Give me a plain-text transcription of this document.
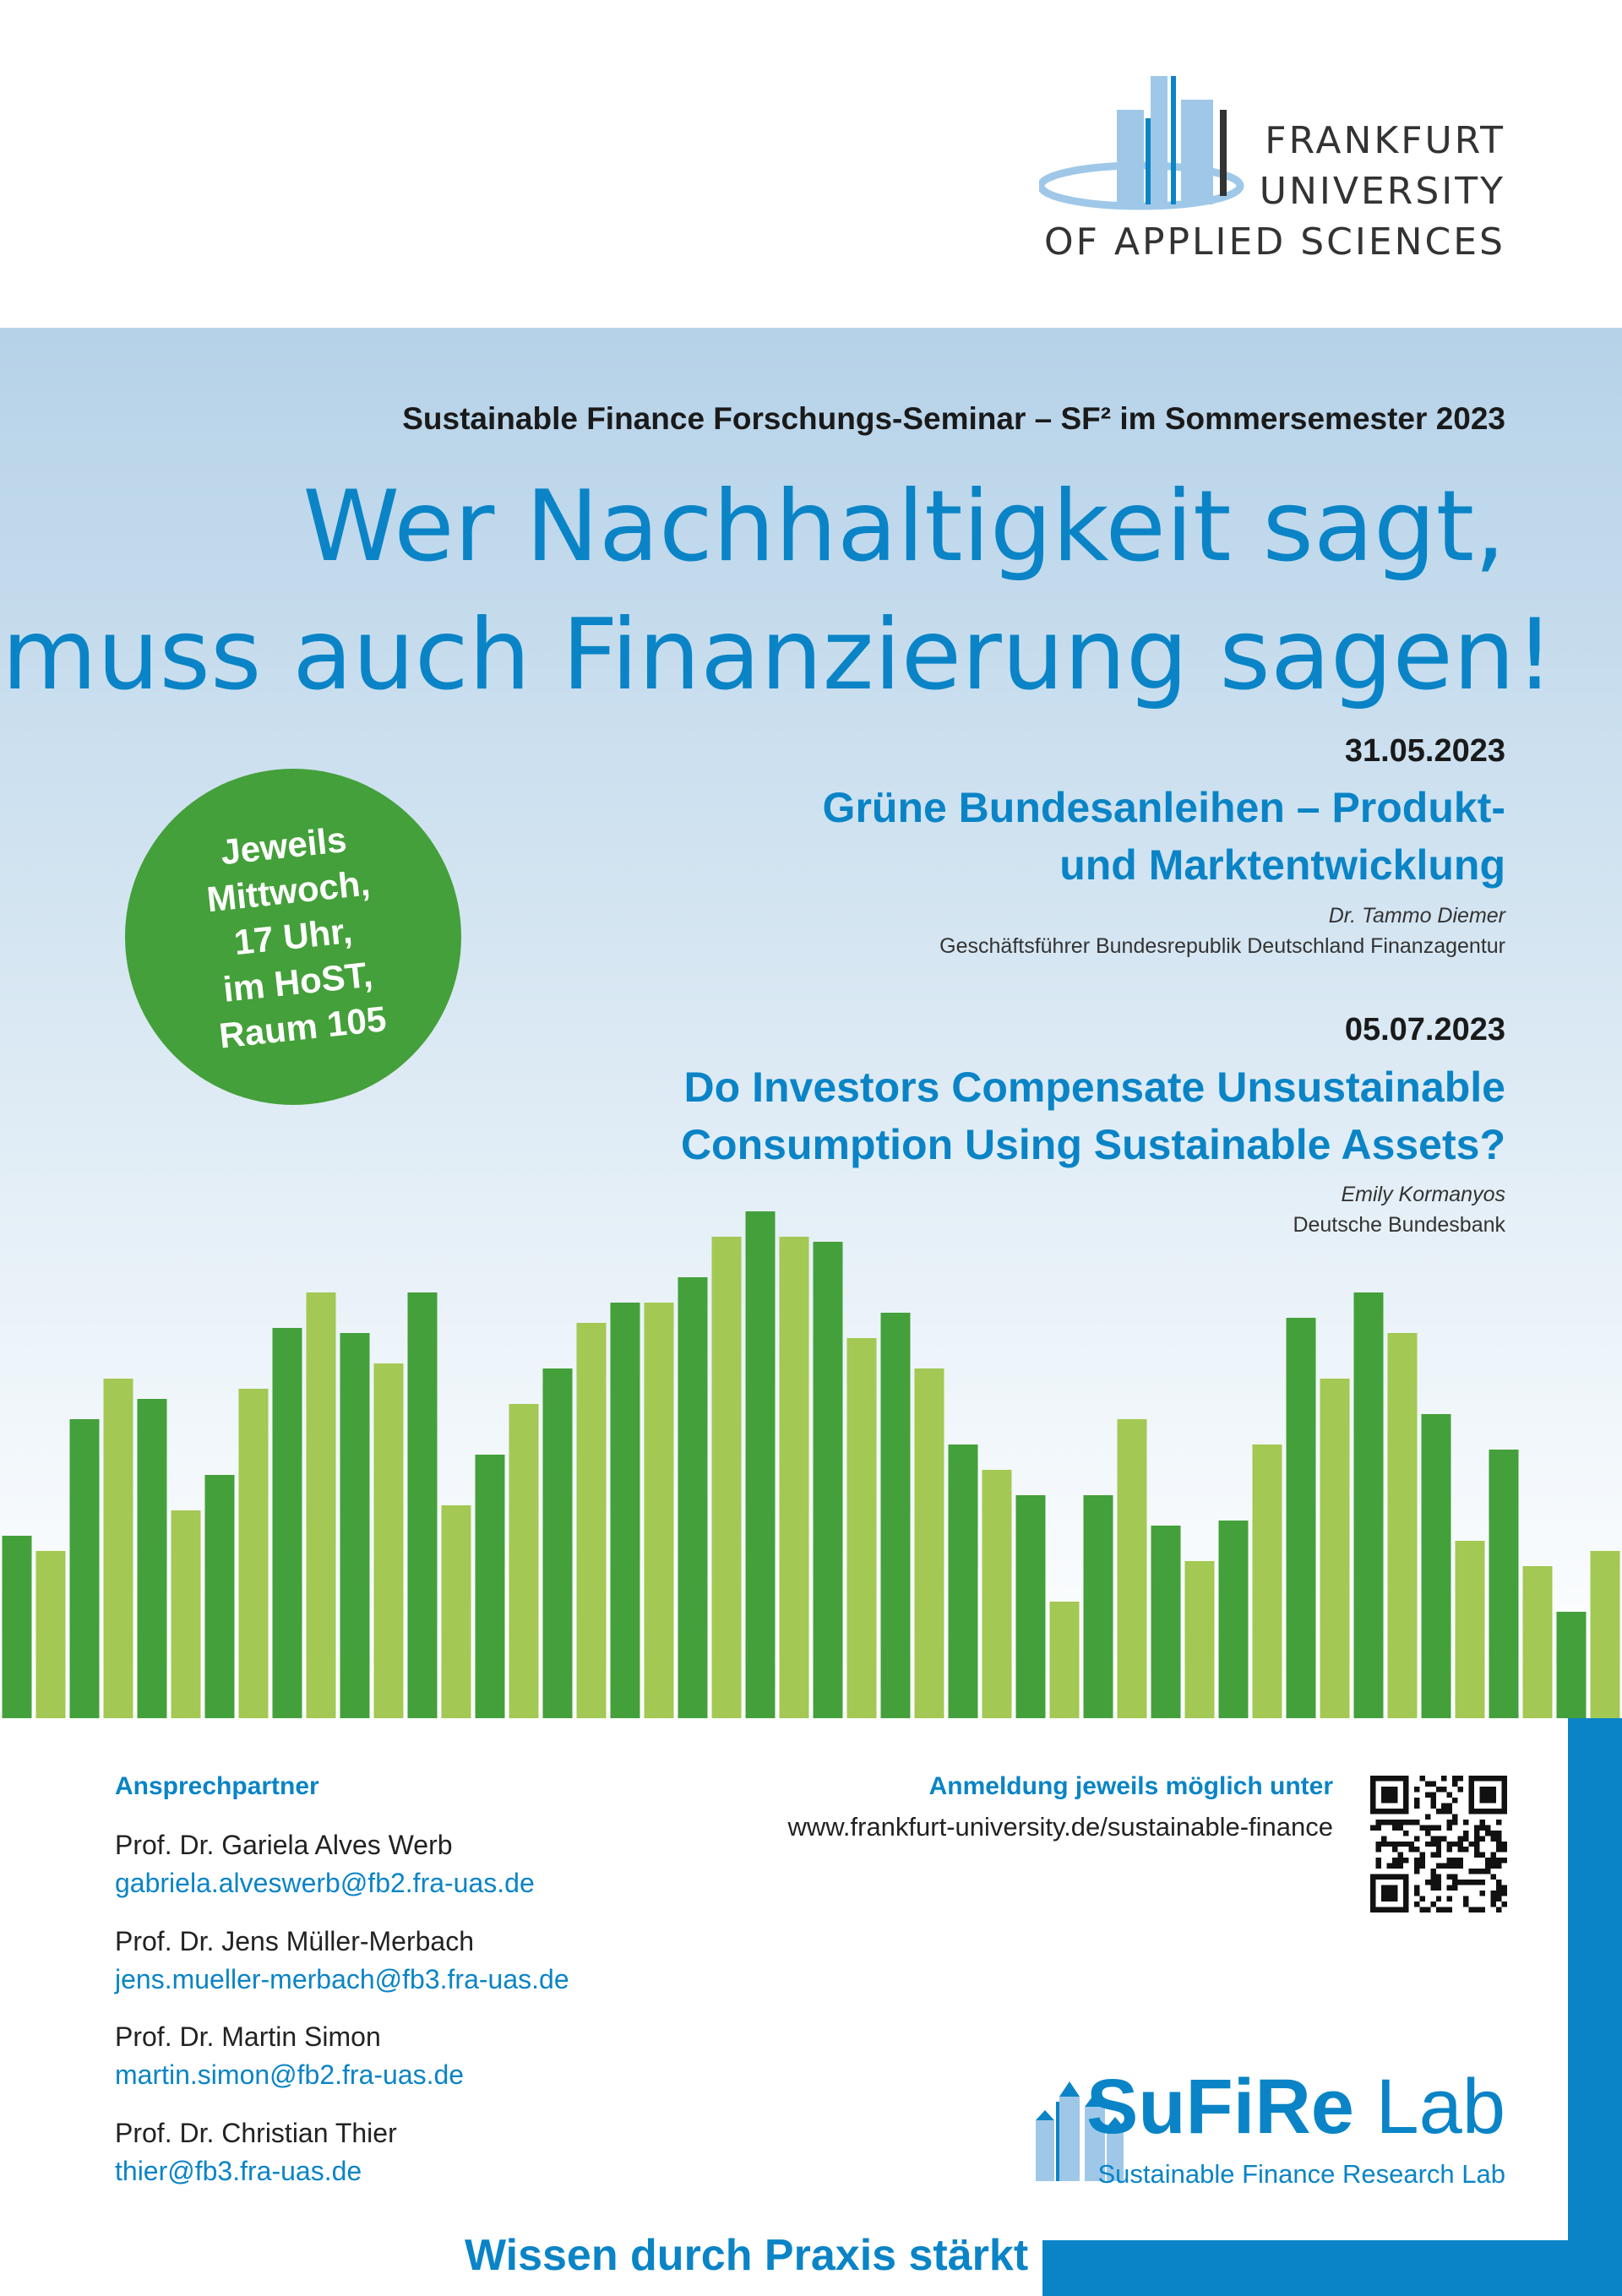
FRANKFURT
UNIVERSITY
OF APPLIED SCIENCES
Sustainable Finance Forschungs-Seminar – SF² im Sommersemester 2023
Wer Nachhaltigkeit sagt,
muss auch Finanzierung sagen!
31.05.2023
Grüne Bundesanleihen – Produkt-
und Marktentwicklung
Dr. Tammo Diemer
Geschäftsführer Bundesrepublik Deutschland Finanzagentur
05.07.2023
Do Investors Compensate Unsustainable
Consumption Using Sustainable Assets?
Emily Kormanyos
Deutsche Bundesbank
Jeweils
Mittwoch,
17 Uhr,
im HoST,
Raum 105
Ansprechpartner
Prof. Dr. Gariela Alves Werb
gabriela.alveswerb@fb2.fra-uas.de
Prof. Dr. Jens Müller-Merbach
jens.mueller-merbach@fb3.fra-uas.de
Prof. Dr. Martin Simon
martin.simon@fb2.fra-uas.de
Prof. Dr. Christian Thier
thier@fb3.fra-uas.de
Anmeldung jeweils möglich unter
www.frankfurt-university.de/sustainable-finance
SuFiRe Lab
Sustainable Finance Research Lab
Wissen durch Praxis stärkt
